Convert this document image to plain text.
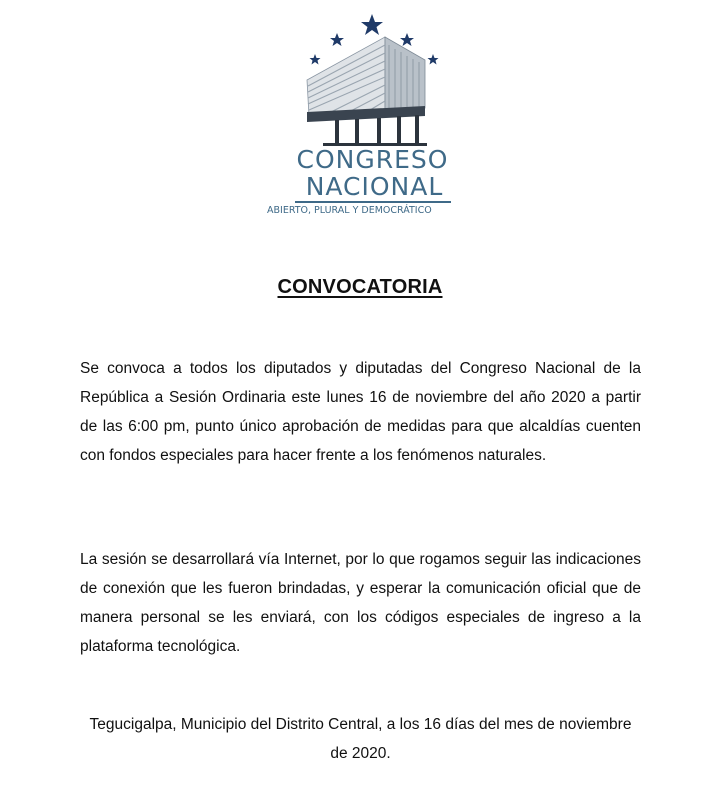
CONGRESO
NACIONAL
ABIERTO, PLURAL Y DEMOCRÁTICO
CONVOCATORIA

Se convoca a todos los diputados y diputadas del Congreso Nacional de la República a Sesión Ordinaria este lunes 16 de noviembre del año 2020 a partir de las 6:00 pm, punto único aprobación de medidas para que alcaldías cuenten con fondos especiales para hacer frente a los fenómenos naturales.

La sesión se desarrollará vía Internet, por lo que rogamos seguir las indicaciones de conexión que les fueron brindadas, y esperar la comunicación oficial que de manera personal se les enviará, con los códigos especiales de ingreso a la plataforma tecnológica.

Tegucigalpa, Municipio del Distrito Central, a los 16 días del mes de noviembre de 2020.
